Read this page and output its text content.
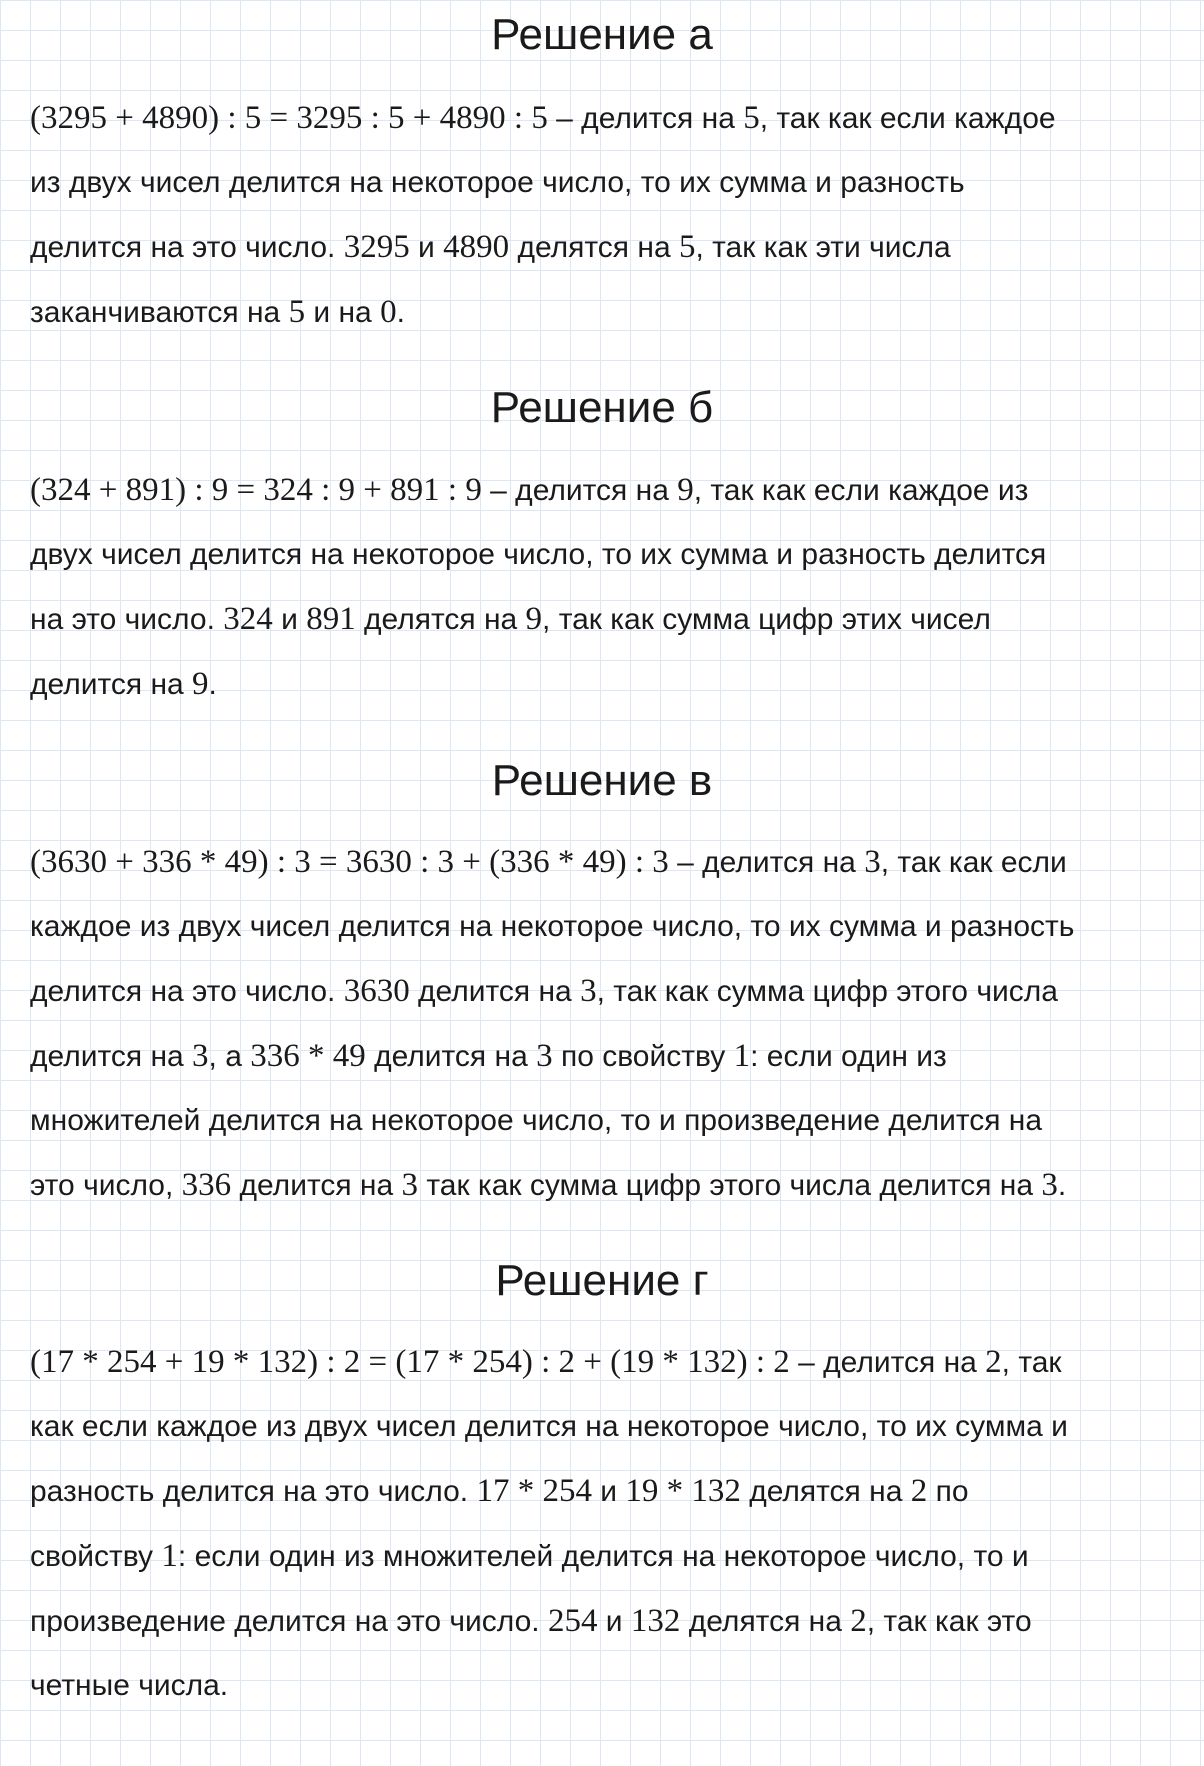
Решение а
(3295 + 4890) : 5 = 3295 : 5 + 4890 : 5 – делится на 5, так как если каждое
из двух чисел делится на некоторое число, то их сумма и разность
делится на это число. 3295 и 4890 делятся на 5, так как эти числа
заканчиваются на 5 и на 0.
Решение б
(324 + 891) : 9 = 324 : 9 + 891 : 9 – делится на 9, так как если каждое из
двух чисел делится на некоторое число, то их сумма и разность делится
на это число. 324 и 891 делятся на 9, так как сумма цифр этих чисел
делится на 9.
Решение в
(3630 + 336 * 49) : 3 = 3630 : 3 + (336 * 49) : 3 – делится на 3, так как если
каждое из двух чисел делится на некоторое число, то их сумма и разность
делится на это число. 3630 делится на 3, так как сумма цифр этого числа
делится на 3, а 336 * 49 делится на 3 по свойству 1: если один из
множителей делится на некоторое число, то и произведение делится на
это число, 336 делится на 3 так как сумма цифр этого числа делится на 3.
Решение г
(17 * 254 + 19 * 132) : 2 = (17 * 254) : 2 + (19 * 132) : 2 – делится на 2, так
как если каждое из двух чисел делится на некоторое число, то их сумма и
разность делится на это число. 17 * 254 и 19 * 132 делятся на 2 по
свойству 1: если один из множителей делится на некоторое число, то и
произведение делится на это число. 254 и 132 делятся на 2, так как это
четные числа.
